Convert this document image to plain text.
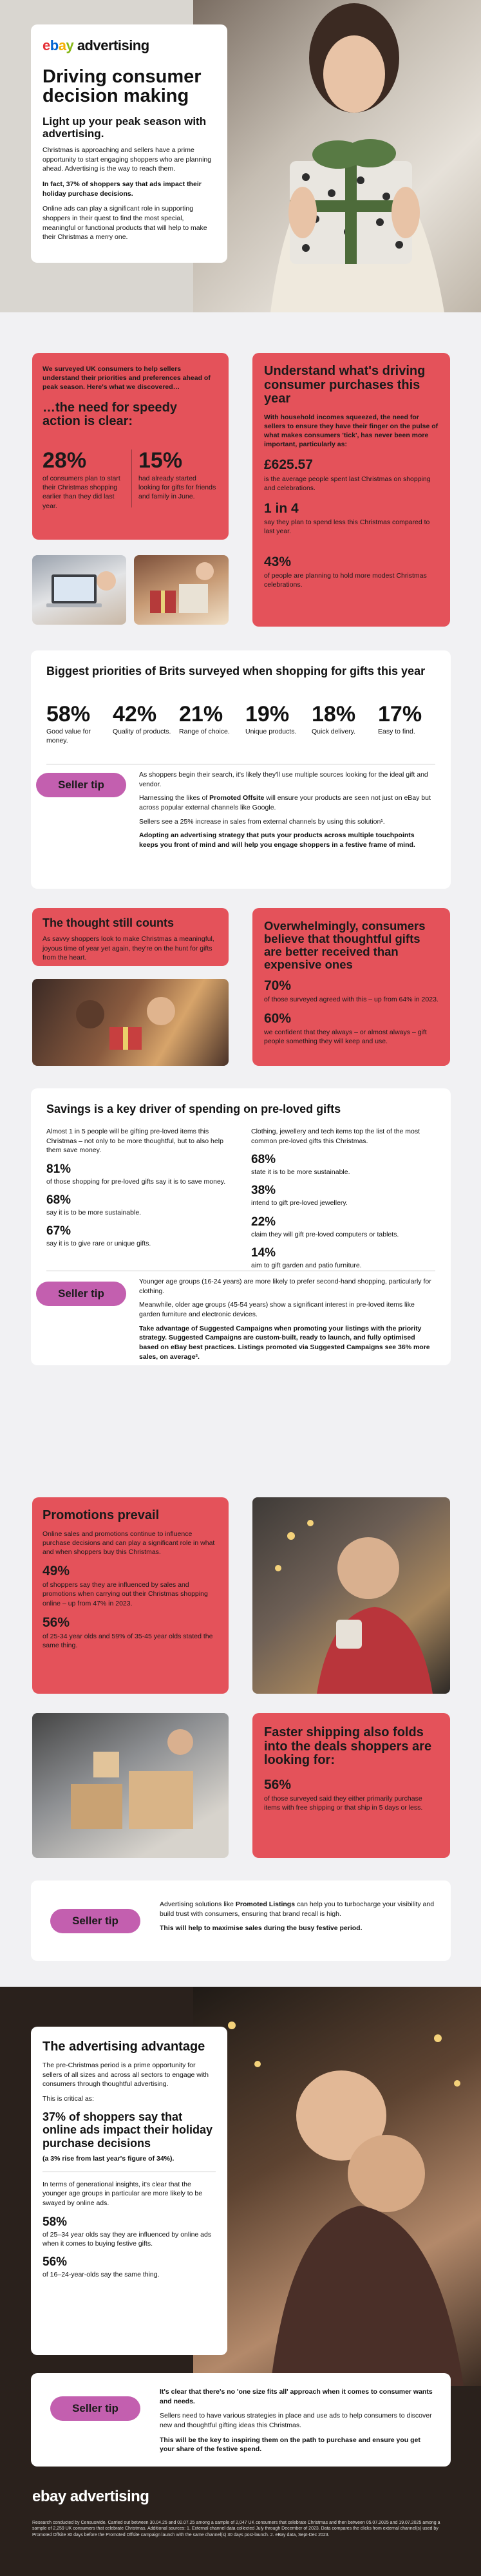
ebay advertising
Driving consumer decision making
Light up your peak season with advertising.

Christmas is approaching and sellers have a prime opportunity to start engaging shoppers who are planning ahead. Advertising is the way to reach them.

In fact, 37% of shoppers say that ads impact their holiday purchase decisions.

Online ads can play a significant role in supporting shoppers in their quest to find the most special, meaningful or functional products that will help to make their Christmas a merry one.

We surveyed UK consumers to help sellers understand their priorities and preferences ahead of peak season. Here's what we discovered…

…the need for speedy action is clear:
28%
of consumers plan to start their Christmas shopping earlier than they did last year.
15%
had already started looking for gifts for friends and family in June.
Understand what's driving consumer purchases this year

With household incomes squeezed, the need for sellers to ensure they have their finger on the pulse of what makes consumers 'tick', has never been more important, particularly as:

£625.57
is the average people spent last Christmas on shopping and celebrations.
1 in 4
say they plan to spend less this Christmas compared to last year.
43%
of people are planning to hold more modest Christmas celebrations.
Biggest priorities of Brits surveyed when shopping for gifts this year
58%
Good value for money.
42%
Quality of products.
21%
Range of choice.
19%
Unique products.
18%
Quick delivery.
17%
Easy to find.
Seller tip

As shoppers begin their search, it's likely they'll use multiple sources looking for the ideal gift and vendor.

Harnessing the likes of Promoted Offsite will ensure your products are seen not just on eBay but across popular external channels like Google.

Sellers see a 25% increase in sales from external channels by using this solution¹.

Adopting an advertising strategy that puts your products across multiple touchpoints keeps you front of mind and will help you engage shoppers in a festive frame of mind.

The thought still counts

As savvy shoppers look to make Christmas a meaningful, joyous time of year yet again, they're on the hunt for gifts from the heart.

Overwhelmingly, consumers believe that thoughtful gifts are better received than expensive ones
70%
of those surveyed agreed with this – up from 64% in 2023.
60%
we confident that they always – or almost always – gift people something they will keep and use.
Savings is a key driver of spending on pre-loved gifts

Almost 1 in 5 people will be gifting pre-loved items this Christmas – not only to be more thoughtful, but to also help them save money.

81%
of those shopping for pre-loved gifts say it is to save money.
68%
say it is to be more sustainable.
67%
say it is to give rare or unique gifts.

Clothing, jewellery and tech items top the list of the most common pre-loved gifts this Christmas.

68%
state it is to be more sustainable.
38%
intend to gift pre-loved jewellery.
22%
claim they will gift pre-loved computers or tablets.
14%
aim to gift garden and patio furniture.
Seller tip

Younger age groups (16-24 years) are more likely to prefer second-hand shopping, particularly for clothing.

Meanwhile, older age groups (45-54 years) show a significant interest in pre-loved items like garden furniture and electronic devices.

Take advantage of Suggested Campaigns when promoting your listings with the priority strategy. Suggested Campaigns are custom-built, ready to launch, and fully optimised based on eBay best practices. Listings promoted via Suggested Campaigns see 36% more sales, on average².

Promotions prevail

Online sales and promotions continue to influence purchase decisions and can play a significant role in what and when shoppers buy this Christmas.

49%
of shoppers say they are influenced by sales and promotions when carrying out their Christmas shopping online – up from 47% in 2023.
56%
of 25-34 year olds and 59% of 35-45 year olds stated the same thing.
Faster shipping also folds into the deals shoppers are looking for:
56%
of those surveyed said they either primarily purchase items with free shipping or that ship in 5 days or less.
Seller tip

Advertising solutions like Promoted Listings can help you to turbocharge your visibility and build trust with consumers, ensuring that brand recall is high.

This will help to maximise sales during the busy festive period.

The advertising advantage

The pre-Christmas period is a prime opportunity for sellers of all sizes and across all sectors to engage with consumers through thoughtful advertising.

This is critical as:

37% of shoppers say that online ads impact their holiday purchase decisions

(a 3% rise from last year's figure of 34%).

In terms of generational insights, it's clear that the younger age groups in particular are more likely to be swayed by online ads.

58%
of 25–34 year olds say they are influenced by online ads when it comes to buying festive gifts.
56%
of 16–24-year-olds say the same thing.
Seller tip

It's clear that there's no 'one size fits all' approach when it comes to consumer wants and needs.

Sellers need to have various strategies in place and use ads to help consumers to discover new and thoughtful gifting ideas this Christmas.

This will be the key to inspiring them on the path to purchase and ensure you get your share of the festive spend.

ebay advertising

Research conducted by Censuswide. Carried out between 30.04.25 and 02.07.25 among a sample of 2,047 UK consumers that celebrate Christmas and then between 05.07.2025 and 19.07.2025 among a sample of 2,259 UK consumers that celebrate Christmas. Additional sources: 1. External channel data collected July through December of 2023. Data compares the clicks from external channel(s) used by Promoted Offsite 30 days before the Promoted Offsite campaign launch with the same channel(s) 30 days post-launch. 2. eBay data, Sept-Dec 2023.
